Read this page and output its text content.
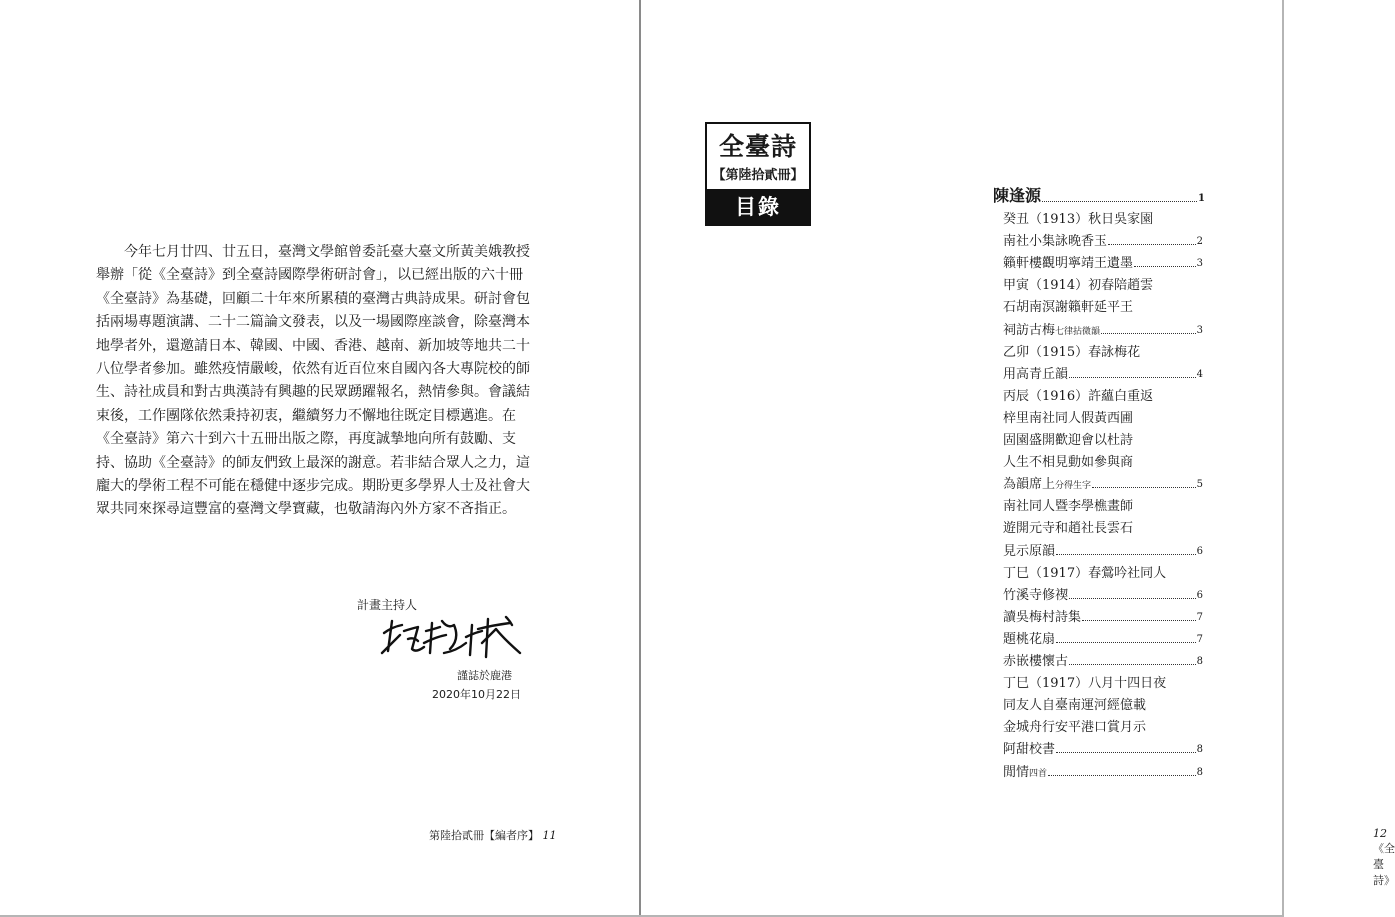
　　今年七月廿四、廿五日，臺灣文學館曾委託臺大臺文所黃美娥教授
舉辦「從《全臺詩》到全臺詩國際學術研討會」，以已經出版的六十冊
《全臺詩》為基礎，回顧二十年來所累積的臺灣古典詩成果。研討會包
括兩場專題演講、二十二篇論文發表，以及一場國際座談會，除臺灣本
地學者外，還邀請日本、韓國、中國、香港、越南、新加坡等地共二十
八位學者參加。雖然疫情嚴峻，依然有近百位來自國內各大專院校的師
生、詩社成員和對古典漢詩有興趣的民眾踴躍報名，熱情參與。會議結
束後，工作團隊依然秉持初衷，繼續努力不懈地往既定目標邁進。在
《全臺詩》第六十到六十五冊出版之際，再度誠摯地向所有鼓勵、支
持、協助《全臺詩》的師友們致上最深的謝意。若非結合眾人之力，這
龐大的學術工程不可能在穩健中逐步完成。期盼更多學界人士及社會大
眾共同來探尋這豐富的臺灣文學寶藏，也敬請海內外方家不吝指正。
計畫主持人
謹誌於鹿港
2020年10月22日
第陸拾貳冊【編者序】 11	12 《全臺詩》
全臺詩
【第陸拾貳冊】
目錄	陳逢源	1
癸丑（1913）秋日吳家園
南社小集詠晚香玉	2
籟軒樓觀明寧靖王遺墨	3
甲寅（1914）初春陪趙雲
石胡南溟謝籟軒延平王
祠訪古梅七律拈微韻	3
乙卯（1915）春詠梅花
用高青丘韻	4
丙辰（1916）許蘊白重返
梓里南社同人假黃西圃
固園盛開歡迎會以杜詩
人生不相見動如參與商
為韻席上分得生字	5
南社同人暨李學樵畫師
遊開元寺和趙社長雲石
見示原韻	6
丁巳（1917）春鶯吟社同人
竹溪寺修禊	6
讀吳梅村詩集	7
題桃花扇	7
赤嵌樓懷古	8
丁巳（1917）八月十四日夜
同友人自臺南運河經億載
金城舟行安平港口賞月示
阿甜校書	8
閒情四首	8
